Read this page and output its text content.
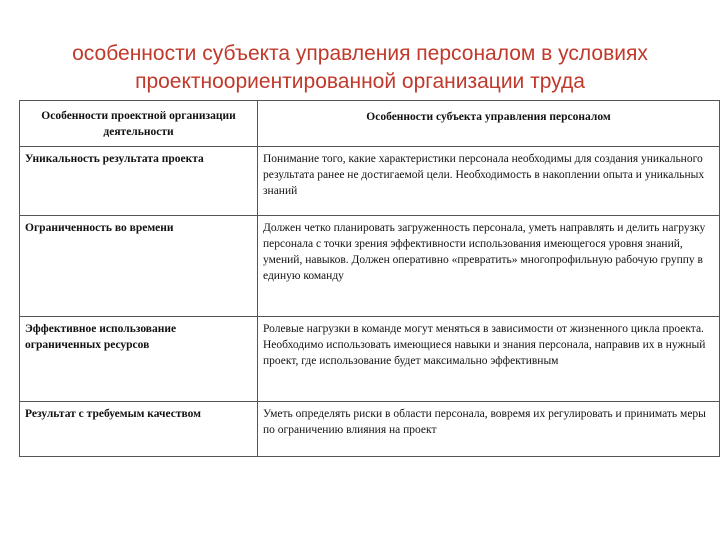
особенности субъекта управления персоналом в условиях проектноориентированной организации труда
Особенности проектной организации деятельности	Особенности субъекта управления персоналом
Уникальность результата проекта	Понимание того, какие характеристики персонала необходимы для создания уникального результата ранее не достигаемой цели. Необходимость в накоплении опыта и уникальных знаний
Ограниченность во времени	Должен четко планировать загруженность персонала, уметь направлять и делить нагрузку персонала с точки зрения эффективности использования имеющегося уровня знаний, умений, навыков. Должен оперативно «превратить» многопрофильную рабочую группу в единую команду
Эффективное использование ограниченных ресурсов	Ролевые нагрузки в команде могут меняться в зависимости от жизненного цикла проекта. Необходимо использовать имеющиеся навыки и знания персонала, направив их в нужный проект, где использование будет максимально эффективным
Результат с требуемым качеством	Уметь определять риски в области персонала, вовремя их регулировать и принимать меры по ограничению влияния на проект
